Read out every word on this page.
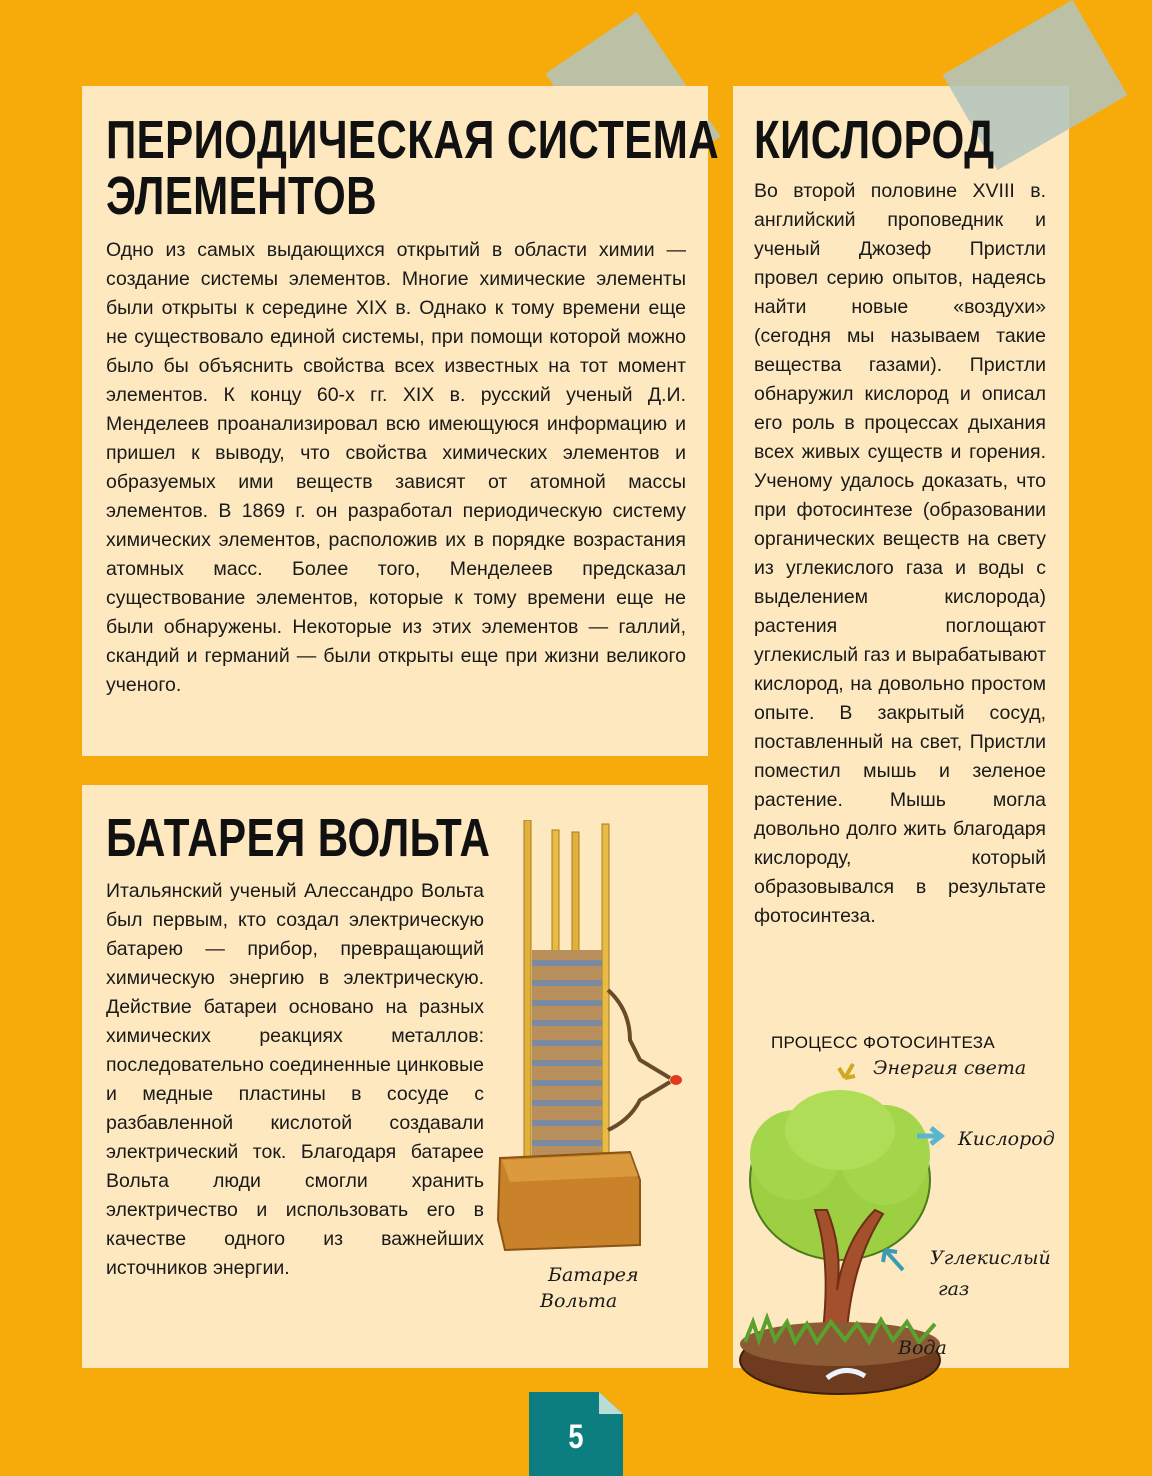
ПЕРИОДИЧЕСКАЯ СИСТЕМА
ЭЛЕМЕНТОВ

Одно из самых выдающихся открытий в области химии — создание системы элементов. Многие химические элементы были открыты к середине XIX в. Однако к тому времени еще не существовало единой системы, при помощи которой можно было бы объяснить свойства всех известных на тот момент элементов. К концу 60-х гг. XIX в. русский ученый Д.И. Менделеев проанализировал всю имеющуюся информацию и пришел к выводу, что свойства химических элементов и образуемых ими веществ зависят от атомной массы элементов. В 1869 г. он разработал периодическую систему химических элементов, расположив их в порядке возрастания атомных масс. Более того, Менделеев предсказал существование элементов, которые к тому времени еще не были обнаружены. Некоторые из этих элементов — галлий, скандий и германий — были открыты еще при жизни великого ученого.

БАТАРЕЯ ВОЛЬТА

Итальянский ученый Алессандро Вольта был первым, кто создал электрическую батарею — прибор, превращающий химическую энергию в электрическую. Действие батареи основано на разных химических реакциях металлов: последовательно соединенные цинковые и медные пластины в сосуде с разбавленной кислотой создавали электрический ток. Благодаря батарее Вольта люди смогли хранить электричество и использовать его в качестве одного из важнейших источников энергии.	Батарея

Вольта

КИСЛОРОД

Во второй половине XVIII в. английский проповедник и ученый Джозеф Пристли провел серию опытов, надеясь найти новые «воздухи» (сегодня мы называем такие вещества газами). Пристли обнаружил кислород и описал его роль в процессах дыхания всех живых существ и горения. Ученому удалось доказать, что при фотосинтезе (образовании органических веществ на свету из углекислого газа и воды с выделением кислорода) растения поглощают углекислый газ и вырабатывают кислород, на довольно простом опыте. В закрытый сосуд, поставленный на свет, Пристли поместил мышь и зеленое растение. Мышь могла довольно долго жить благодаря кислороду, который образовывался в результате фотосинтеза.

ПРОЦЕСС ФОТОСИНТЕЗА

Энергия света

Кислород

Углекислый

газ

Вода

5
